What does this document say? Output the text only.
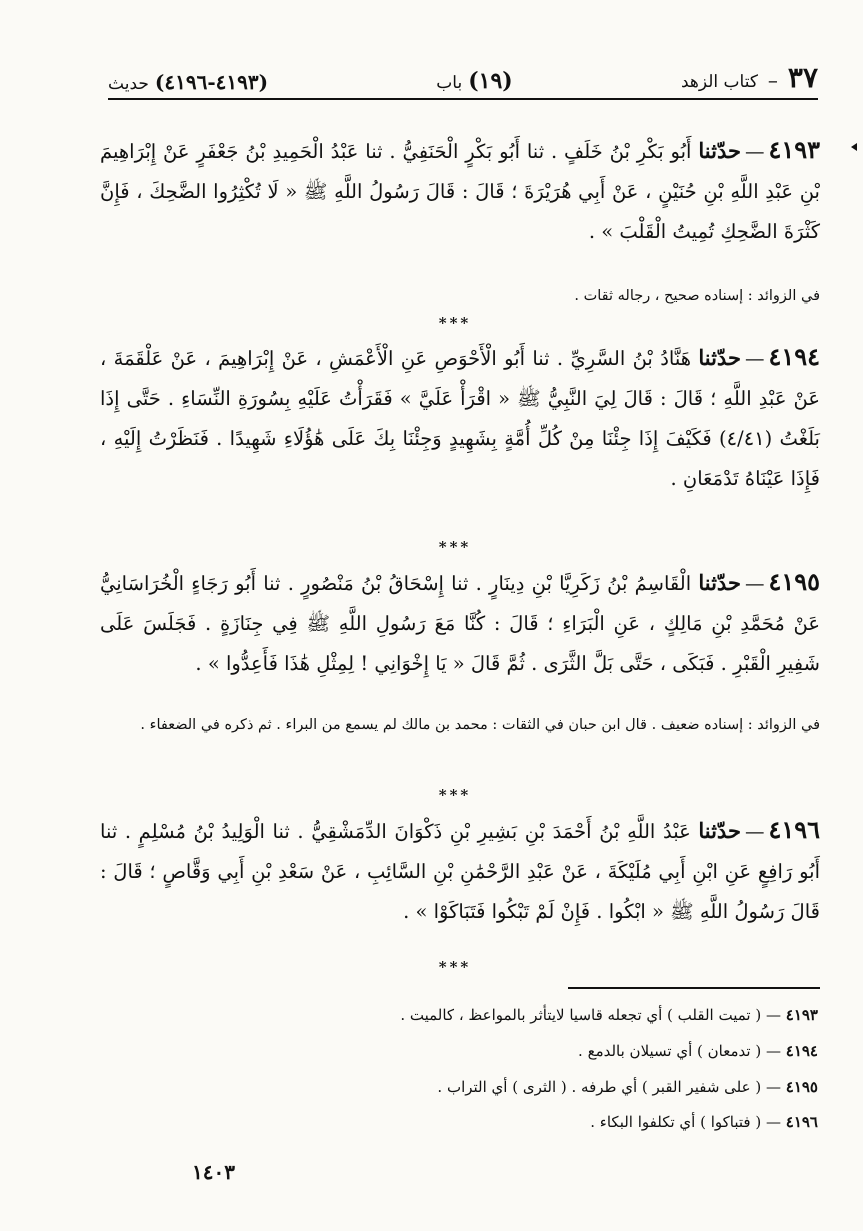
٣٧
–
كتاب الزهد
(١٩)
باب
(٤١٩٣-٤١٩٦)
حديث
٤١٩٣—حدّثنا أَبُو بَكْرِ بْنُ خَلَفٍ . ثنا أَبُو بَكْرٍ الْحَنَفِيُّ . ثنا عَبْدُ الْحَمِيدِ بْنُ جَعْفَرٍ عَنْ إِبْرَاهِيمَ بْنِ عَبْدِ اللَّهِ بْنِ حُنَيْنٍ ، عَنْ أَبِي هُرَيْرَةَ ؛ قَالَ : قَالَ رَسُولُ اللَّهِ ﷺ « لَا تُكْثِرُوا الضَّحِكَ ، فَإِنَّ كَثْرَةَ الضَّحِكِ تُمِيتُ الْقَلْبَ » .
في الزوائد : إسناده صحيح ، رجاله ثقات .
***
٤١٩٤—حدّثنا هَنَّادُ بْنُ السَّرِيِّ . ثنا أَبُو الْأَحْوَصِ عَنِ الْأَعْمَشِ ، عَنْ إِبْرَاهِيمَ ، عَنْ عَلْقَمَةَ ، عَنْ عَبْدِ اللَّهِ ؛ قَالَ : قَالَ لِيَ النَّبِيُّ ﷺ « اقْرَأْ عَلَيَّ » فَقَرَأْتُ عَلَيْهِ بِسُورَةِ النِّسَاءِ . حَتَّى إِذَا بَلَغْتُ (٤/٤١) فَكَيْفَ إِذَا جِئْنَا مِنْ كُلِّ أُمَّةٍ بِشَهِيدٍ وَجِئْنَا بِكَ عَلَى هَٰؤُلَاءِ شَهِيدًا . فَنَظَرْتُ إِلَيْهِ ، فَإِذَا عَيْنَاهُ تَدْمَعَانِ .
***
٤١٩٥—حدّثنا الْقَاسِمُ بْنُ زَكَرِيَّا بْنِ دِينَارٍ . ثنا إِسْحَاقُ بْنُ مَنْصُورٍ . ثنا أَبُو رَجَاءٍ الْخُرَاسَانِيُّ عَنْ مُحَمَّدِ بْنِ مَالِكٍ ، عَنِ الْبَرَاءِ ؛ قَالَ : كُنَّا مَعَ رَسُولِ اللَّهِ ﷺ فِي جِنَازَةٍ . فَجَلَسَ عَلَى شَفِيرِ الْقَبْرِ . فَبَكَى ، حَتَّى بَلَّ الثَّرَى . ثُمَّ قَالَ « يَا إِخْوَانِي ! لِمِثْلِ هَٰذَا فَأَعِدُّوا » .
في الزوائد : إسناده ضعيف . قال ابن حبان في الثقات : محمد بن مالك لم يسمع من البراء . ثم ذكره في الضعفاء .
***
٤١٩٦—حدّثنا عَبْدُ اللَّهِ بْنُ أَحْمَدَ بْنِ بَشِيرِ بْنِ ذَكْوَانَ الدِّمَشْقِيُّ . ثنا الْوَلِيدُ بْنُ مُسْلِمٍ . ثنا أَبُو رَافِعٍ عَنِ ابْنِ أَبِي مُلَيْكَةَ ، عَنْ عَبْدِ الرَّحْمَٰنِ بْنِ السَّائِبِ ، عَنْ سَعْدِ بْنِ أَبِي وَقَّاصٍ ؛ قَالَ : قَالَ رَسُولُ اللَّهِ ﷺ « ابْكُوا . فَإِنْ لَمْ تَبْكُوا فَتَبَاكَوْا » .
***
٤١٩٣ — ( تميت القلب ) أي تجعله قاسيا لايتأثر بالمواعظ ، كالميت .
٤١٩٤ — ( تدمعان ) أي تسيلان بالدمع .
٤١٩٥ — ( على شفير القبر ) أي طرفه . ( الثرى ) أي التراب .
٤١٩٦ — ( فتباكوا ) أي تكلفوا البكاء .
١٤٠٣
